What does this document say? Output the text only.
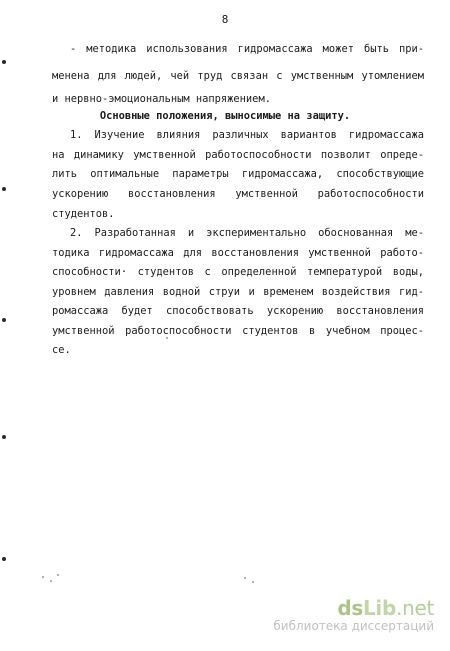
8
- методика использования гидромассажа может быть при-
менена для людей, чей труд связан с умственным утомлением
и нервно-эмоциональным напряжением.
Основные положения, выносимые на защиту.
1. Изучение влияния различных вариантов гидромассажа
на динамику умственной работоспособности позволит опреде-
лить оптимальные параметры гидромассажа, способствующие
ускорению восстановления умственной работоспособности
студентов.
2. Разработанная и экспериментально обоснованная ме-
тодика гидромассажа для восстановления умственной работо-
способности· студентов с определенной температурой воды,
уровнем давления водной струи и временем воздействия гид-
ромассажа будет способствовать ускорению восстановления
умственной работоспособности студентов в учебном процес-
се.
dsLib.net
библиотека диссертаций
